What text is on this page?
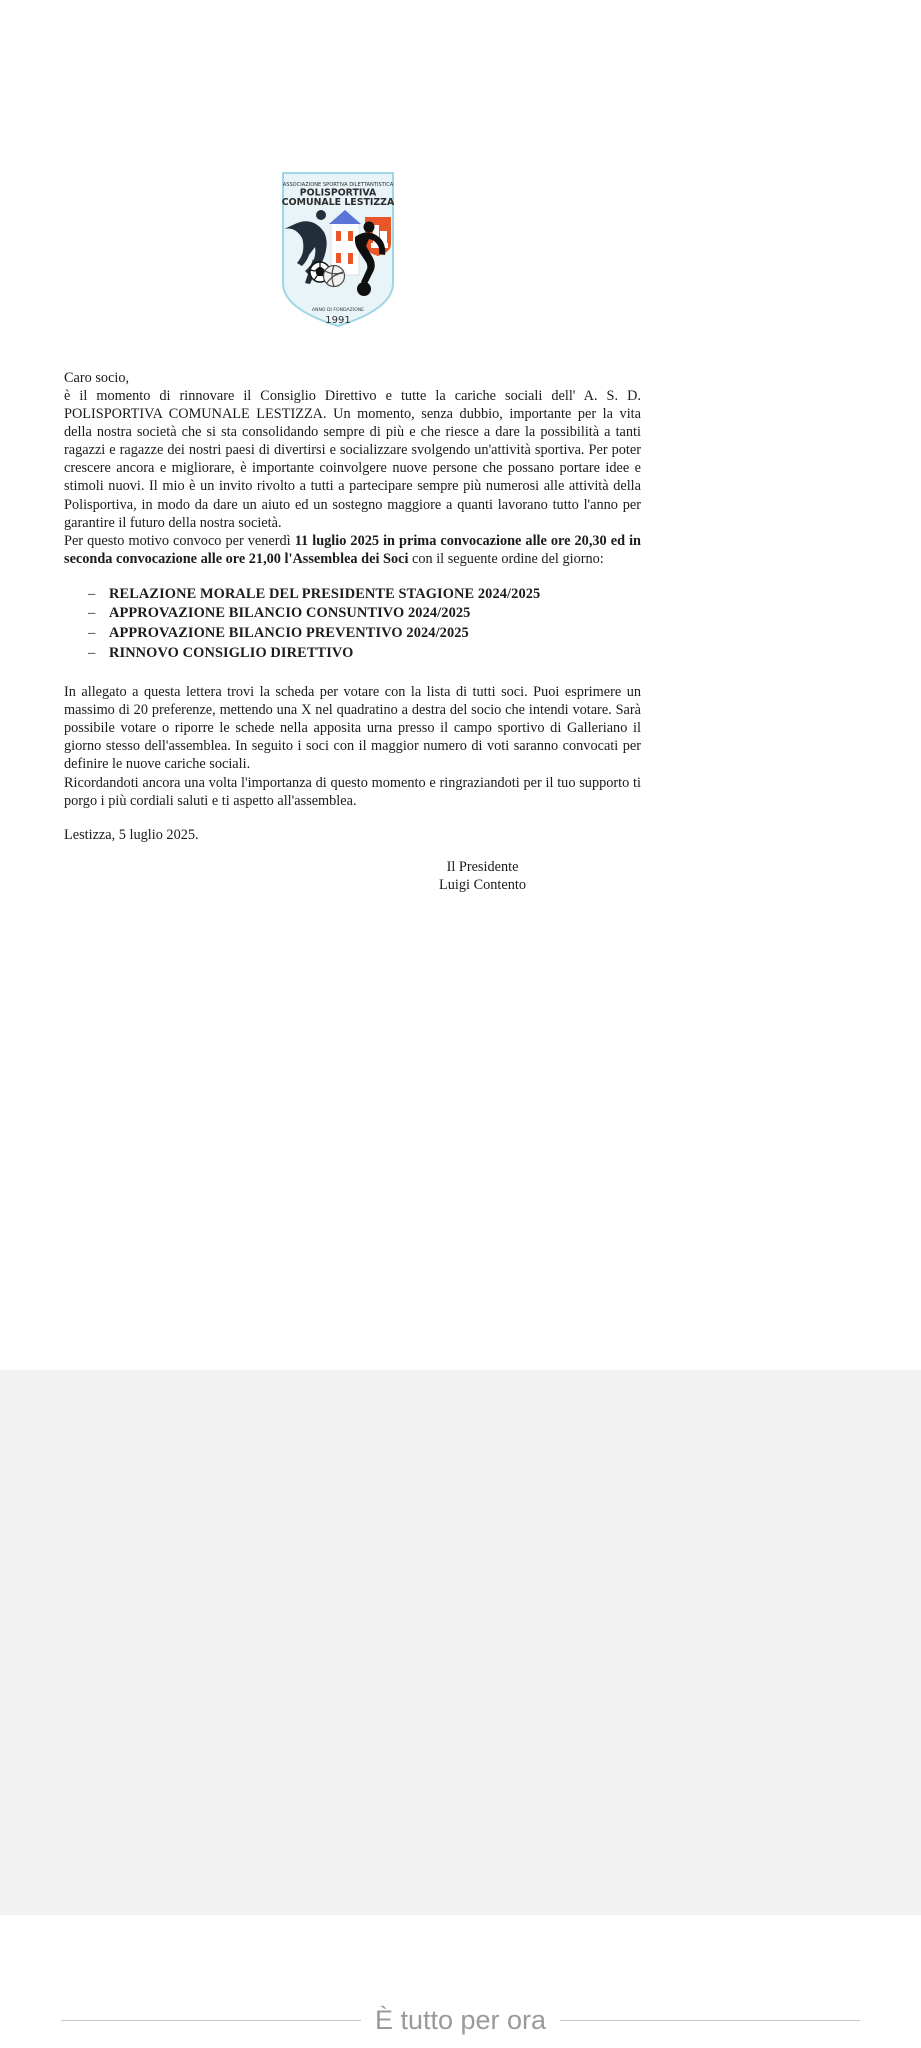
ASSOCIAZIONE SPORTIVA DILETTANTISTICA
POLISPORTIVA
COMUNALE LESTIZZA
ANNO DI FONDAZIONE
1991

Caro socio,

è il momento di rinnovare il Consiglio Direttivo e tutte la cariche sociali dell' A. S. D. POLISPORTIVA COMUNALE LESTIZZA. Un momento, senza dubbio, importante per la vita della nostra società che si sta consolidando sempre di più e che riesce a dare la possibilità a tanti ragazzi e ragazze dei nostri paesi di divertirsi e socializzare svolgendo un'attività sportiva. Per poter crescere ancora e migliorare, è importante coinvolgere nuove persone che possano portare idee e stimoli nuovi. Il mio è un invito rivolto a tutti a partecipare sempre più numerosi alle attività della Polisportiva, in modo da dare un aiuto ed un sostegno maggiore a quanti lavorano tutto l'anno per garantire il futuro della nostra società.

Per questo motivo convoco per venerdì 11 luglio 2025 in prima convocazione alle ore 20,30 ed in seconda convocazione alle ore 21,00 l'Assemblea dei Soci con il seguente ordine del giorno:

– RELAZIONE MORALE DEL PRESIDENTE STAGIONE 2024/2025
– APPROVAZIONE BILANCIO CONSUNTIVO 2024/2025
– APPROVAZIONE BILANCIO PREVENTIVO 2024/2025
– RINNOVO CONSIGLIO DIRETTIVO

In allegato a questa lettera trovi la scheda per votare con la lista di tutti soci. Puoi esprimere un massimo di 20 preferenze, mettendo una X nel quadratino a destra del socio che intendi votare. Sarà possibile votare o riporre le schede nella apposita urna presso il campo sportivo di Galleriano il giorno stesso dell'assemblea. In seguito i soci con il maggior numero di voti saranno convocati per definire le nuove cariche sociali.

Ricordandoti ancora una volta l'importanza di questo momento e ringraziandoti per il tuo supporto ti porgo i più cordiali saluti e ti aspetto all'assemblea.

Lestizza, 5 luglio 2025.

Il Presidente
Luigi Contento
È tutto per ora
